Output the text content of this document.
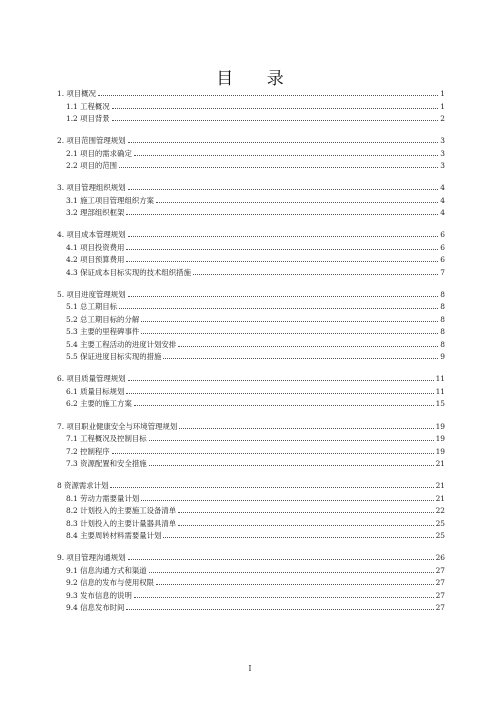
目 录
1. 项目概况	1
1.1 工程概况	1
1.2 项目背景	2
2. 项目范围管理规划	3
2.1 项目的需求确定	3
2.2 项目的范围	3
3. 项目管理组织规划	4
3.1 施工项目管理组织方案	4
3.2 理部组织框架	4
4. 项目成本管理规划	6
4.1 项目投资费用	6
4.2 项目预算费用	6
4.3 保证成本目标实现的技术组织措施	7
5. 项目进度管理规划	8
5.1 总工期目标	8
5.2 总工期目标的分解	8
5.3 主要的里程碑事件	8
5.4 主要工程活动的进度计划安排	8
5.5 保证进度目标实现的措施	9
6. 项目质量管理规划	11
6.1 质量目标规划	11
6.2 主要的施工方案	15
7. 项目职业健康安全与环境管理规划	19
7.1 工程概况及控制目标	19
7.2 控制程序	19
7.3 资源配置和安全措施	21
8 资源需求计划	21
8.1 劳动力需要量计划	21
8.2 计划投入的主要施工设备清单	22
8.3 计划投入的主要计量器具清单	25
8.4 主要周转材料需要量计划	25
9. 项目管理沟通规划	26
9.1 信息沟通方式和渠道	27
9.2 信息的发布与使用权限	27
9.3 发布信息的说明	27
9.4 信息发布时间	27
I
